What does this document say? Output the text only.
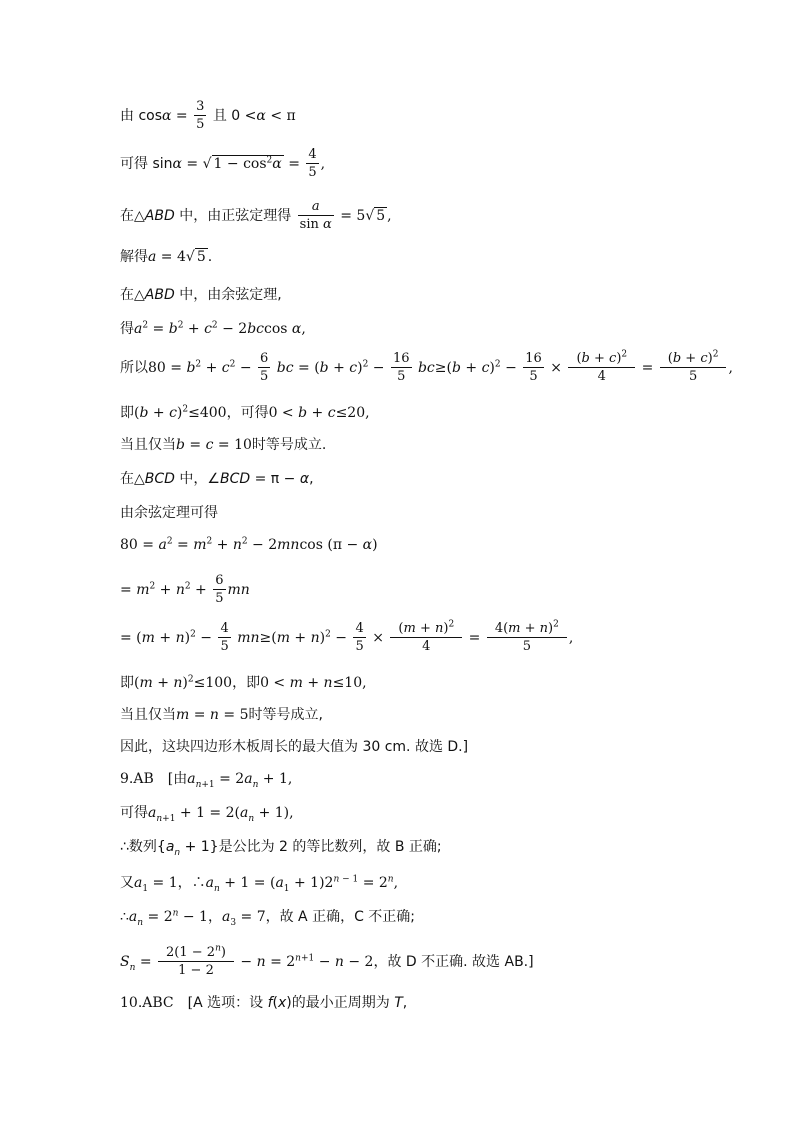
由 $\cos\alpha = \frac{3}{5}$ 且 0 <α < π
可得 sinα = √ $1 - \cos^2\alpha = \frac{4}{5}$ ,
在△ABD 中，由正弦定理得 $\frac{a}{\text{sin α}} = 5√$ 5 ,
解得a = 4√ 5 .
在△ABD 中，由余弦定理,
得$a^2 = b^2 + c^2 - 2bccos$ α,
所以$80 = b^2 + c^2 - \frac{6}{5}$ bc = $(b + c)^2 - \frac{16}{5} bc\ge(b + c)^2 - \frac{16}{5} \times \frac{(b + c)^2}{4} = \frac{(b + c)^2}{5}$ ,
即$(b + c)^2\le 400$，可得0 < b + c≤20,
当且仅当b = c = 10时等号成立.
在△BCD 中，∠BCD = π − α,
由余弦定理可得
$80 = a^2 = m^2 + n^2 - 2mncos$ (π − α)
= $m^2 + n^2 + \frac{6}{5}$ mn
= $(m + n)^2 - \frac{4}{5} mn\ge(m + n)^2 - \frac{4}{5} \times \frac{(m + n)^2}{4} = \frac{4(m + n)^2}{5}$ ,
即$(m + n)^2\le 100$，即0 < m + n≤10,
当且仅当m = n = 5时等号成立,
因此，这块四边形木板周长的最大值为 30 cm. 故选 D.]
9.AB　[由$a_{n+1} = 2a_n + 1$,
可得$a_{n+1} + 1 = 2(a_n + 1)$,
∴数列$\{a_n + 1\}$是公比为 2 的等比数列，故 B 正确;
又$a_1 = 1$，$\therefore a_n + 1 = (a_1 + 1)2^{n - 1} = 2^n$,
$\therefore a_n = 2^n - 1$，$a_3 = 7$，故 A 正确，C 不正确;
$S_n = \frac{2(1 - 2^n)}{1 - 2} - n = 2^{n+1} - n - 2$，故 D 不正确. 故选 AB.]
10.ABC　[A 选项：设 f(x)的最小正周期为 T,
